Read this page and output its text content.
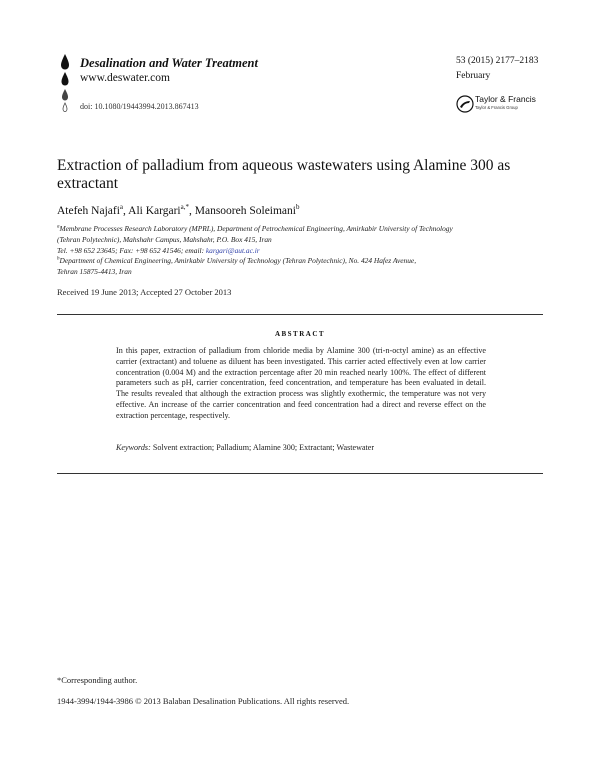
Desalination and Water Treatment
www.deswater.com
doi: 10.1080/19443994.2013.867413
53 (2015) 2177–2183
February
Taylor & Francis
Taylor & Francis Group
Extraction of palladium from aqueous wastewaters using Alamine 300 as
extractant
Atefeh Najafi$^a$, Ali Kargari$^{a,*}$, Mansooreh Soleimani$^b$
$^a$Membrane Processes Research Laboratory (MPRL), Department of Petrochemical Engineering, Amirkabir University of Technology
(Tehran Polytechnic), Mahshahr Campus, Mahshahr, P.O. Box 415, Iran
Tel. +98 652 23645; Fax: +98 652 41546; email: kargari@aut.ac.ir
$^b$Department of Chemical Engineering, Amirkabir University of Technology (Tehran Polytechnic), No. 424 Hafez Avenue,
Tehran 15875-4413, Iran
Received 19 June 2013; Accepted 27 October 2013
ABSTRACT
In this paper, extraction of palladium from chloride media by Alamine 300 (tri-n-octyl amine) as an effective carrier (extractant) and toluene as diluent has been investigated. This carrier acted effectively even at low carrier concentration (0.004 M) and the extraction percentage after 20 min reached nearly 100%. The effect of different parameters such as pH, carrier concentration, feed concentration, and temperature has been evaluated in detail. The results revealed that although the extraction process was slightly exothermic, the temperature was not very effective. An increase of the carrier concentration and feed concentration had a direct and reverse effect on the extraction percentage, respectively.
Keywords: Solvent extraction; Palladium; Alamine 300; Extractant; Wastewater
*Corresponding author.
1944-3994/1944-3986 © 2013 Balaban Desalination Publications. All rights reserved.
